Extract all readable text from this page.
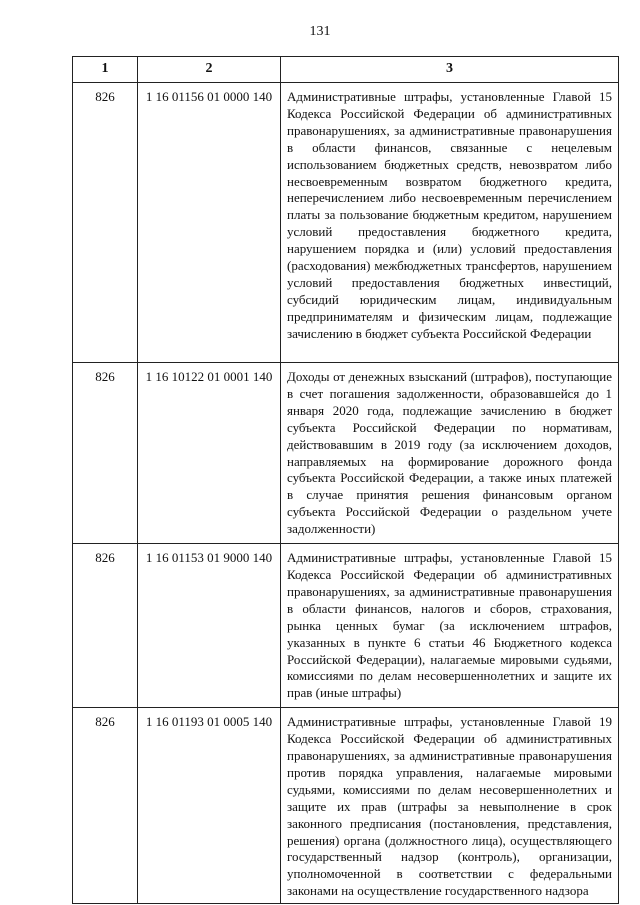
131
1	2	3
826	1 16 01156 01 0000 140	Административные штрафы, установленные Главой 15 Кодекса Российской Федерации об административных правонарушениях, за административные правонарушения в области финансов, связанные с нецелевым использованием бюджетных средств, невозвратом либо несвоевременным возвратом бюджетного кредита, неперечислением либо несвоевременным перечислением платы за пользование бюджетным кредитом, нарушением условий предоставления бюджетного кредита, нарушением порядка и (или) условий предоставления (расходования) межбюджетных трансфертов, нарушением условий предоставления бюджетных инвестиций, субсидий юридическим лицам, индивидуальным предпринимателям и физическим лицам, подлежащие зачислению в бюджет субъекта Российской Федерации
826	1 16 10122 01 0001 140	Доходы от денежных взысканий (штрафов), поступающие в счет погашения задолженности, образовавшейся до 1 января 2020 года, подлежащие зачислению в бюджет субъекта Российской Федерации по нормативам, действовавшим в 2019 году (за исключением доходов, направляемых на формирование дорожного фонда субъекта Российской Федерации, а также иных платежей в случае принятия решения финансовым органом субъекта Российской Федерации о раздельном учете задолженности)
826	1 16 01153 01 9000 140	Административные штрафы, установленные Главой 15 Кодекса Российской Федерации об административных правонарушениях, за административные правонарушения в области финансов, налогов и сборов, страхования, рынка ценных бумаг (за исключением штрафов, указанных в пункте 6 статьи 46 Бюджетного кодекса Российской Федерации), налагаемые мировыми судьями, комиссиями по делам несовершеннолетних и защите их прав (иные штрафы)
826	1 16 01193 01 0005 140	Административные штрафы, установленные Главой 19 Кодекса Российской Федерации об административных правонарушениях, за административные правонарушения против порядка управления, налагаемые мировыми судьями, комиссиями по делам несовершеннолетних и защите их прав (штрафы за невыполнение в срок законного предписания (постановления, представления, решения) органа (должностного лица), осуществляющего государственный надзор (контроль), организации, уполномоченной в соответствии с федеральными законами на осуществление государственного надзора
